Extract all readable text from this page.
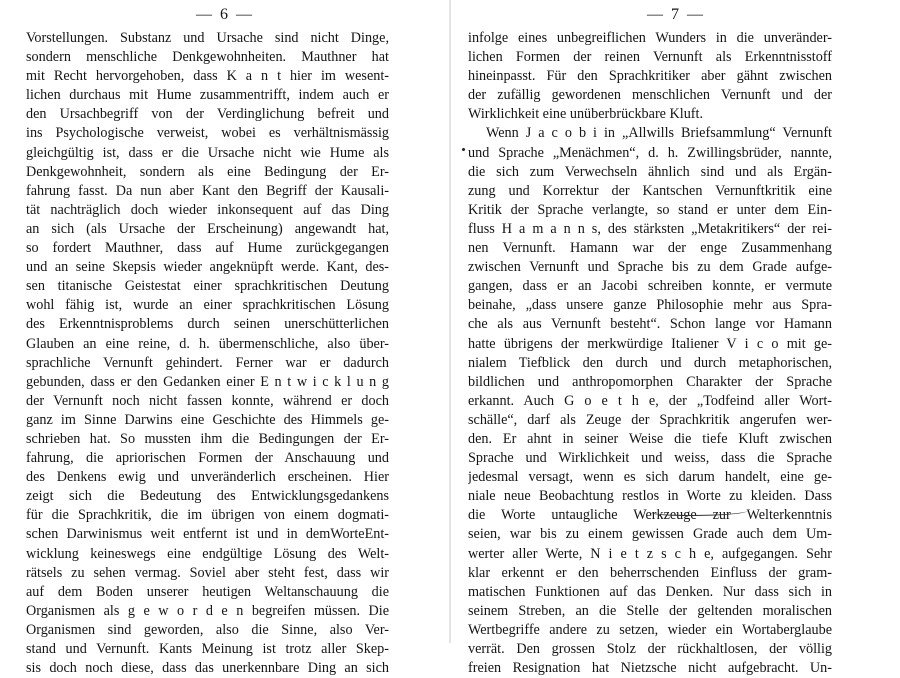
— 6 —
Vorstellungen. Substanz und Ursache sind nicht Dinge,
sondern menschliche Denkgewohnheiten. Mauthner hat
mit Recht hervorgehoben, dass K a n t hier im wesent-
lichen durchaus mit Hume zusammentrifft, indem auch er
den Ursachbegriff von der Verdinglichung befreit und
ins Psychologische verweist, wobei es verhältnismässig
gleichgültig ist, dass er die Ursache nicht wie Hume als
Denkgewohnheit, sondern als eine Bedingung der Er-
fahrung fasst. Da nun aber Kant den Begriff der Kausali-
tät nachträglich doch wieder inkonsequent auf das Ding
an sich (als Ursache der Erscheinung) angewandt hat,
so fordert Mauthner, dass auf Hume zurückgegangen
und an seine Skepsis wieder angeknüpft werde. Kant, des-
sen titanische Geistestat einer sprachkritischen Deutung
wohl fähig ist, wurde an einer sprachkritischen Lösung
des Erkenntnisproblems durch seinen unerschütterlichen
Glauben an eine reine, d. h. übermenschliche, also über-
sprachliche Vernunft gehindert. Ferner war er dadurch
gebunden, dass er den Gedanken einer E n t w i c k l u n g
der Vernunft noch nicht fassen konnte, während er doch
ganz im Sinne Darwins eine Geschichte des Himmels ge-
schrieben hat. So mussten ihm die Bedingungen der Er-
fahrung, die apriorischen Formen der Anschauung und
des Denkens ewig und unveränderlich erscheinen. Hier
zeigt sich die Bedeutung des Entwicklungsgedankens
für die Sprachkritik, die im übrigen von einem dogmati-
schen Darwinismus weit entfernt ist und in demWorteEnt-
wicklung keineswegs eine endgültige Lösung des Welt-
rätsels zu sehen vermag. Soviel aber steht fest, dass wir
auf dem Boden unserer heutigen Weltanschauung die
Organismen als g e w o r d e n begreifen müssen. Die
Organismen sind geworden, also die Sinne, also Ver-
stand und Vernunft. Kants Meinung ist trotz aller Skep-
sis doch noch diese, dass das unerkennbare Ding an sich
— 7 —
infolge eines unbegreiflichen Wunders in die unveränder-
lichen Formen der reinen Vernunft als Erkenntnisstoff
hineinpasst. Für den Sprachkritiker aber gähnt zwischen
der zufällig gewordenen menschlichen Vernunft und der
Wirklichkeit eine unüberbrückbare Kluft.
Wenn J a c o b i in „Allwills Briefsammlung“ Vernunft
und Sprache „Menächmen“, d. h. Zwillingsbrüder, nannte,
die sich zum Verwechseln ähnlich sind und als Ergän-
zung und Korrektur der Kantschen Vernunftkritik eine
Kritik der Sprache verlangte, so stand er unter dem Ein-
fluss H a m a n n s, des stärksten „Metakritikers“ der rei-
nen Vernunft. Hamann war der enge Zusammenhang
zwischen Vernunft und Sprache bis zu dem Grade aufge-
gangen, dass er an Jacobi schreiben konnte, er vermute
beinahe, „dass unsere ganze Philosophie mehr aus Spra-
che als aus Vernunft besteht“. Schon lange vor Hamann
hatte übrigens der merkwürdige Italiener V i c o mit ge-
nialem Tiefblick den durch und durch metaphorischen,
bildlichen und anthropomorphen Charakter der Sprache
erkannt. Auch G o e t h e, der „Todfeind aller Wort-
schälle“, darf als Zeuge der Sprachkritik angerufen wer-
den. Er ahnt in seiner Weise die tiefe Kluft zwischen
Sprache und Wirklichkeit und weiss, dass die Sprache
jedesmal versagt, wenn es sich darum handelt, eine ge-
niale neue Beobachtung restlos in Worte zu kleiden. Dass
die Worte untaugliche Werkzeuge zur Welterkenntnis
seien, war bis zu einem gewissen Grade auch dem Um-
werter aller Werte, N i e t z s c h e, aufgegangen. Sehr
klar erkennt er den beherrschenden Einfluss der gram-
matischen Funktionen auf das Denken. Nur dass sich in
seinem Streben, an die Stelle der geltenden moralischen
Wertbegriffe andere zu setzen, wieder ein Wortaberglaube
verrät. Den grossen Stolz der rückhaltlosen, der völlig
freien Resignation hat Nietzsche nicht aufgebracht. Un-
